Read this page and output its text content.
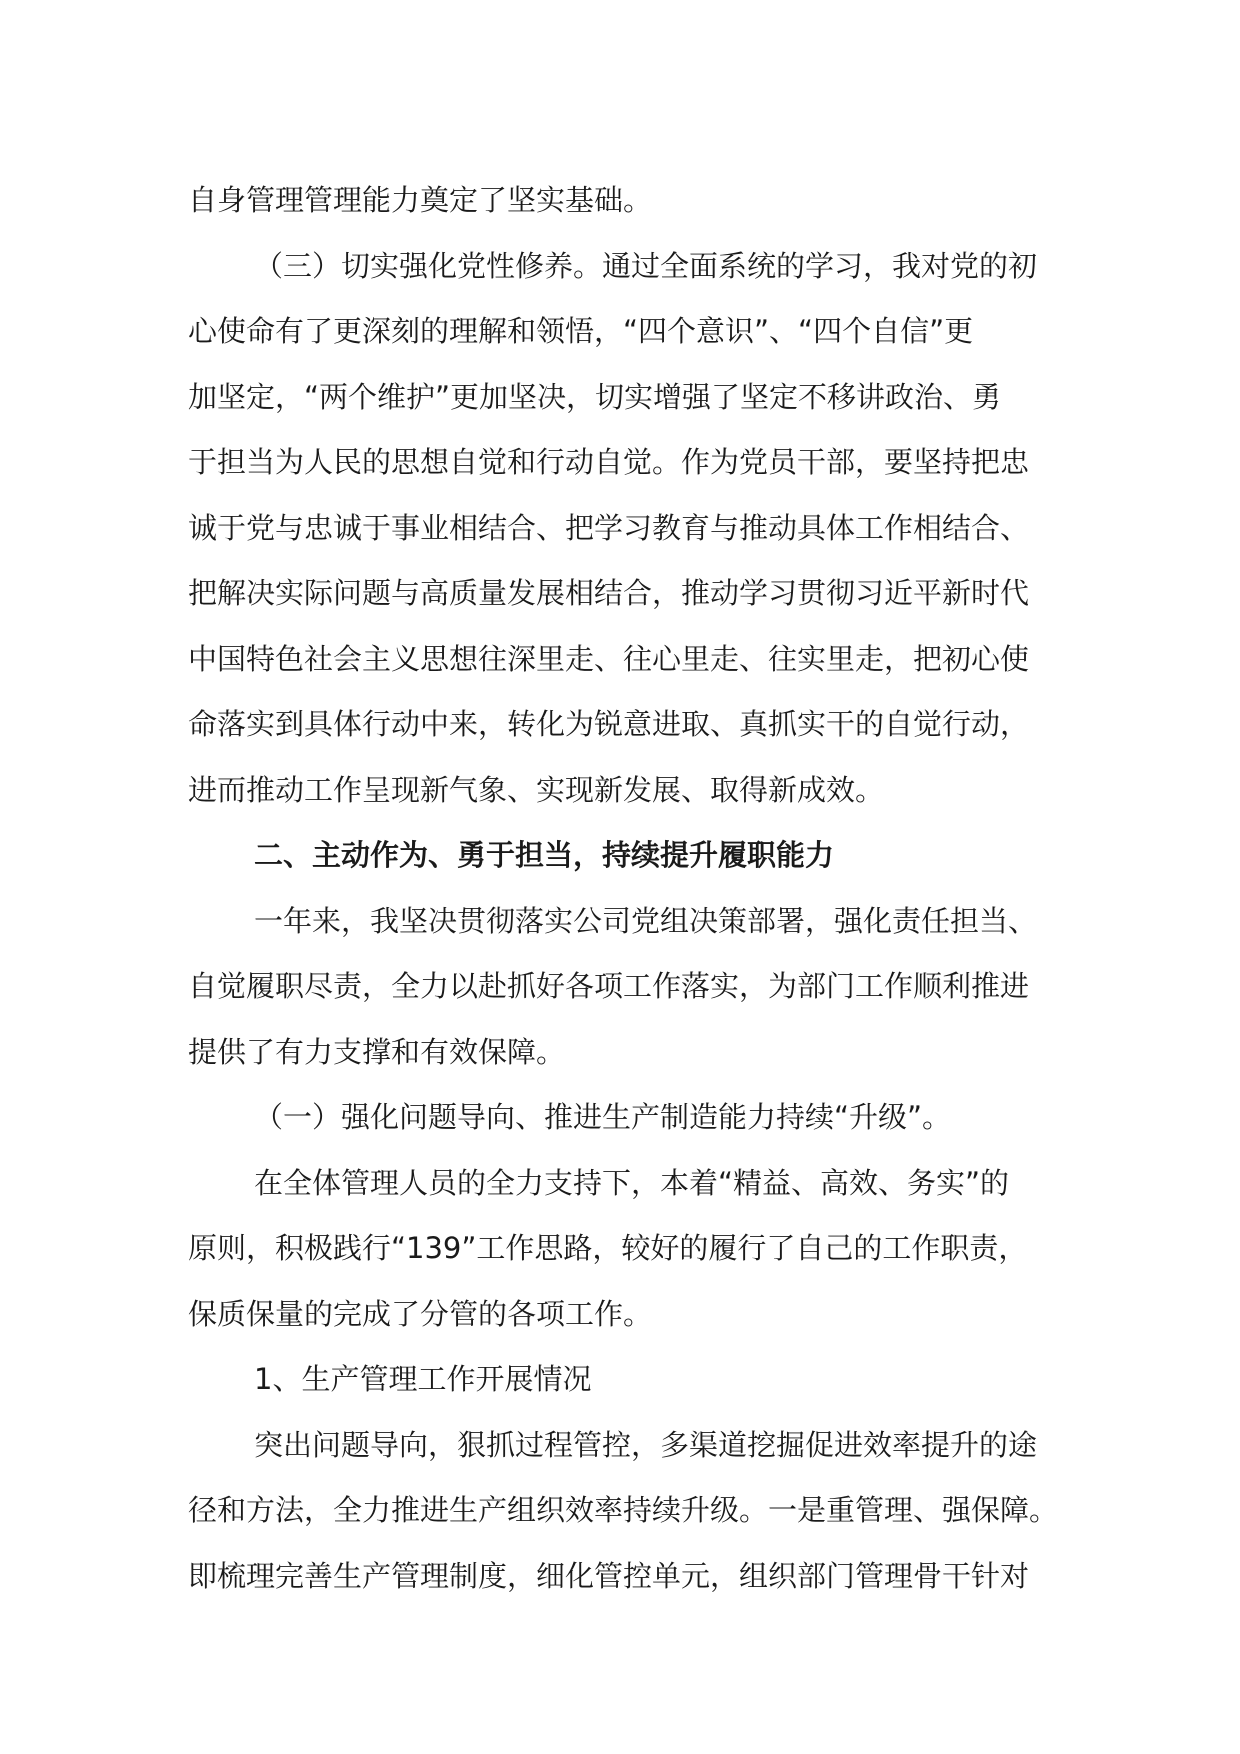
自身管理管理能力奠定了坚实基础。

（三）切实强化党性修养。通过全面系统的学习，我对党的初

心使命有了更深刻的理解和领悟，“四个意识”、“四个自信”更

加坚定，“两个维护”更加坚决，切实增强了坚定不移讲政治、勇

于担当为人民的思想自觉和行动自觉。作为党员干部，要坚持把忠

诚于党与忠诚于事业相结合、把学习教育与推动具体工作相结合、

把解决实际问题与高质量发展相结合，推动学习贯彻习近平新时代

中国特色社会主义思想往深里走、往心里走、往实里走，把初心使

命落实到具体行动中来，转化为锐意进取、真抓实干的自觉行动，

进而推动工作呈现新气象、实现新发展、取得新成效。

二、主动作为、勇于担当，持续提升履职能力

一年来，我坚决贯彻落实公司党组决策部署，强化责任担当、

自觉履职尽责，全力以赴抓好各项工作落实，为部门工作顺利推进

提供了有力支撑和有效保障。

（一）强化问题导向、推进生产制造能力持续“升级”。

在全体管理人员的全力支持下，本着“精益、高效、务实”的

原则，积极践行“139”工作思路，较好的履行了自己的工作职责，

保质保量的完成了分管的各项工作。

1、生产管理工作开展情况

突出问题导向，狠抓过程管控，多渠道挖掘促进效率提升的途

径和方法，全力推进生产组织效率持续升级。一是重管理、强保障。

即梳理完善生产管理制度，细化管控单元，组织部门管理骨干针对
